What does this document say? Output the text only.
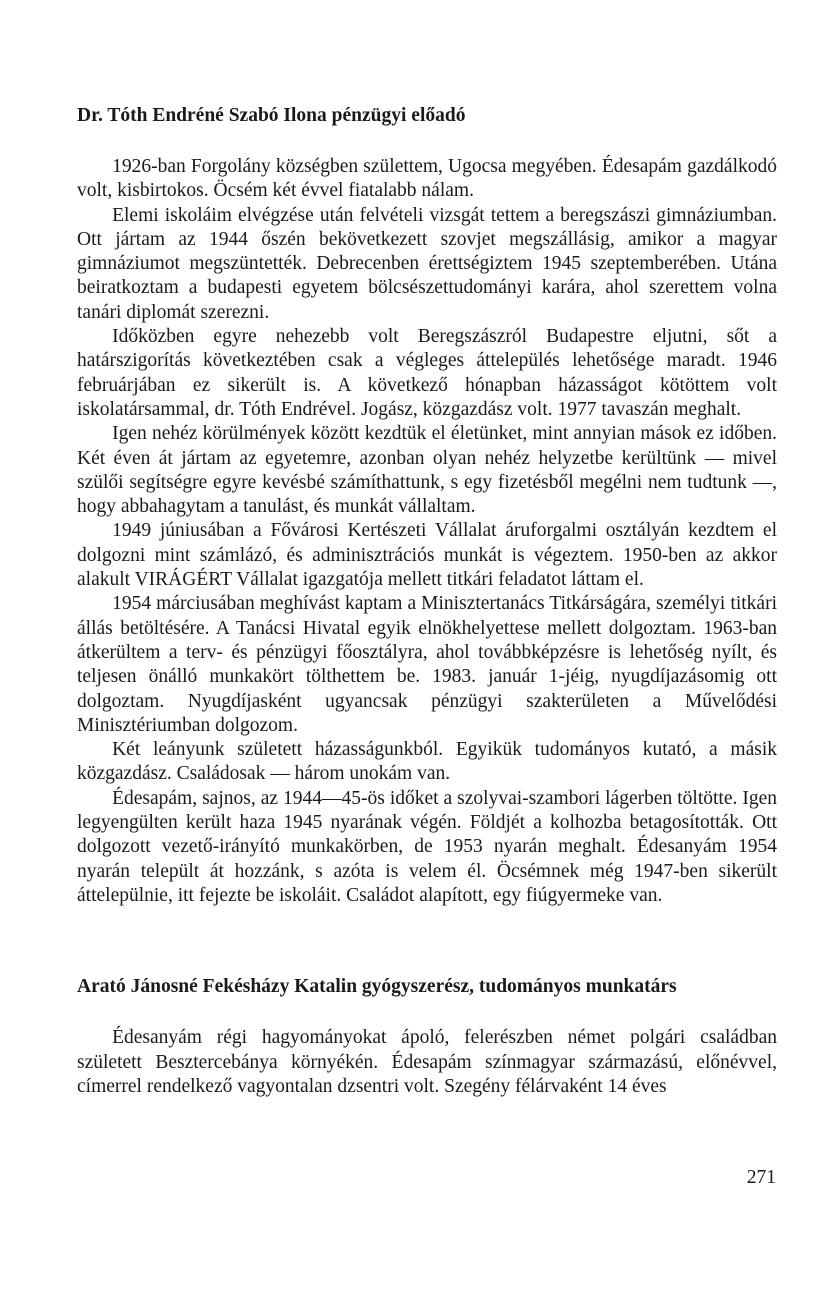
Dr. Tóth Endréné Szabó Ilona pénzügyi előadó

1926-ban Forgolány községben születtem, Ugocsa megyében. Édesapám gazdálkodó volt, kisbirtokos. Öcsém két évvel fiatalabb nálam.

Elemi iskoláim elvégzése után felvételi vizsgát tettem a beregszászi gimnáziumban. Ott jártam az 1944 őszén bekövetkezett szovjet megszállásig, amikor a magyar gimnáziumot megszüntették. Debrecenben érettségiztem 1945 szeptemberében. Utána beiratkoztam a budapesti egyetem bölcsészettudományi karára, ahol szerettem volna tanári diplomát szerezni.

Időközben egyre nehezebb volt Beregszászról Budapestre eljutni, sőt a határszigorítás következtében csak a végleges áttelepülés lehetősége maradt. 1946 februárjában ez sikerült is. A következő hónapban házasságot kötöttem volt iskolatársammal, dr. Tóth Endrével. Jogász, közgazdász volt. 1977 tavaszán meghalt.

Igen nehéz körülmények között kezdtük el életünket, mint annyian mások ez időben. Két éven át jártam az egyetemre, azonban olyan nehéz helyzetbe kerültünk — mivel szülői segítségre egyre kevésbé számíthattunk, s egy fizetésből megélni nem tudtunk —, hogy abbahagytam a tanulást, és munkát vállaltam.

1949 júniusában a Fővárosi Kertészeti Vállalat áruforgalmi osztályán kezdtem el dolgozni mint számlázó, és adminisztrációs munkát is végeztem. 1950-ben az akkor alakult VIRÁGÉRT Vállalat igazgatója mellett titkári feladatot láttam el.

1954 márciusában meghívást kaptam a Minisztertanács Titkárságára, személyi titkári állás betöltésére. A Tanácsi Hivatal egyik elnökhelyettese mellett dolgoztam. 1963-ban átkerültem a terv- és pénzügyi főosztályra, ahol továbbképzésre is lehetőség nyílt, és teljesen önálló munkakört tölthettem be. 1983. január 1-jéig, nyugdíjazásomig ott dolgoztam. Nyugdíjasként ugyancsak pénzügyi szakterületen a Művelődési Minisztériumban dolgozom.

Két leányunk született házasságunkból. Egyikük tudományos kutató, a másik közgazdász. Családosak — három unokám van.

Édesapám, sajnos, az 1944—45-ös időket a szolyvai-szambori lágerben töltötte. Igen legyengülten került haza 1945 nyarának végén. Földjét a kolhozba betagosították. Ott dolgozott vezető-irányító munkakörben, de 1953 nyarán meghalt. Édesanyám 1954 nyarán települt át hozzánk, s azóta is velem él. Öcsémnek még 1947-ben sikerült áttelepülnie, itt fejezte be iskoláit. Családot alapított, egy fiúgyermeke van.

Arató Jánosné Fekésházy Katalin gyógyszerész, tudományos munkatárs

Édesanyám régi hagyományokat ápoló, felerészben német polgári családban született Besztercebánya környékén. Édesapám színmagyar származású, előnévvel, címerrel rendelkező vagyontalan dzsentri volt. Szegény félárvaként 14 éves

271
